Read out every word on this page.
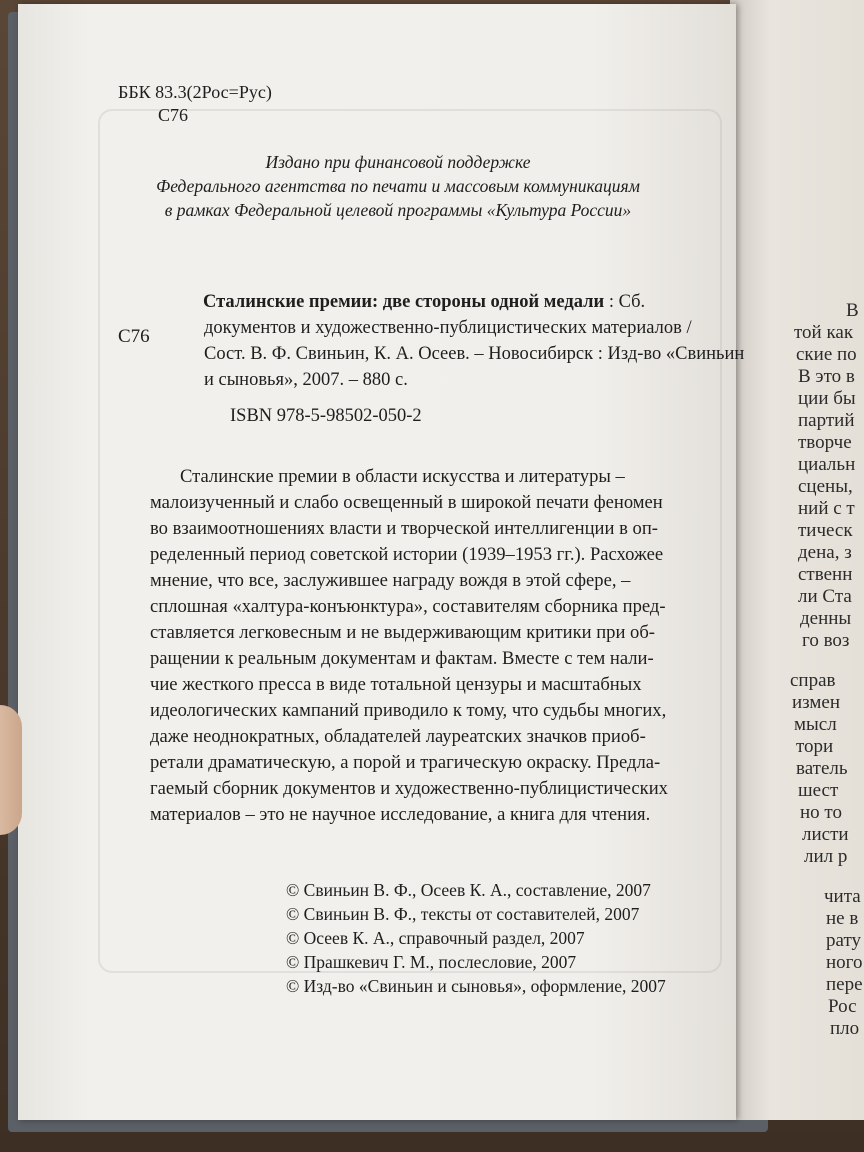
В
той как
ские по
В это в
ции бы
партий
творче
циальн
сцены,
ний с т
тическ
дена, з
ственн
ли Ста
денны
го воз
справ
измен
мысл
тори
ватель
шест
но то
листи
лил р
чита
не в
рату
ного
пере
Рос
пло
ББК 83.3(2Рос=Рус)
С76
Издано при финансовой поддержке
Федерального агентства по печати и массовым коммуникациям
в рамках Федеральной целевой программы «Культура России»
С76
Сталинские премии: две стороны одной медали : Сб.
документов и художественно-публицистических материалов /
Сост. В. Ф. Свиньин, К. А. Осеев. – Новосибирск : Изд-во «Свиньин
и сыновья», 2007. – 880 с.
ISBN 978-5-98502-050-2
Сталинские премии в области искусства и литературы –
малоизученный и слабо освещенный в широкой печати феномен
во взаимоотношениях власти и творческой интеллигенции в оп-
ределенный период советской истории (1939–1953 гг.). Расхожее
мнение, что все, заслужившее награду вождя в этой сфере, –
сплошная «халтура-конъюнктура», составителям сборника пред-
ставляется легковесным и не выдерживающим критики при об-
ращении к реальным документам и фактам. Вместе с тем нали-
чие жесткого пресса в виде тотальной цензуры и масштабных
идеологических кампаний приводило к тому, что судьбы многих,
даже неоднократных, обладателей лауреатских значков приоб-
ретали драматическую, а порой и трагическую окраску. Предла-
гаемый сборник документов и художественно-публицистических
материалов – это не научное исследование, а книга для чтения.
© Свиньин В. Ф., Осеев К. А., составление, 2007
© Свиньин В. Ф., тексты от составителей, 2007
© Осеев К. А., справочный раздел, 2007
© Прашкевич Г. М., послесловие, 2007
© Изд-во «Свиньин и сыновья», оформление, 2007
